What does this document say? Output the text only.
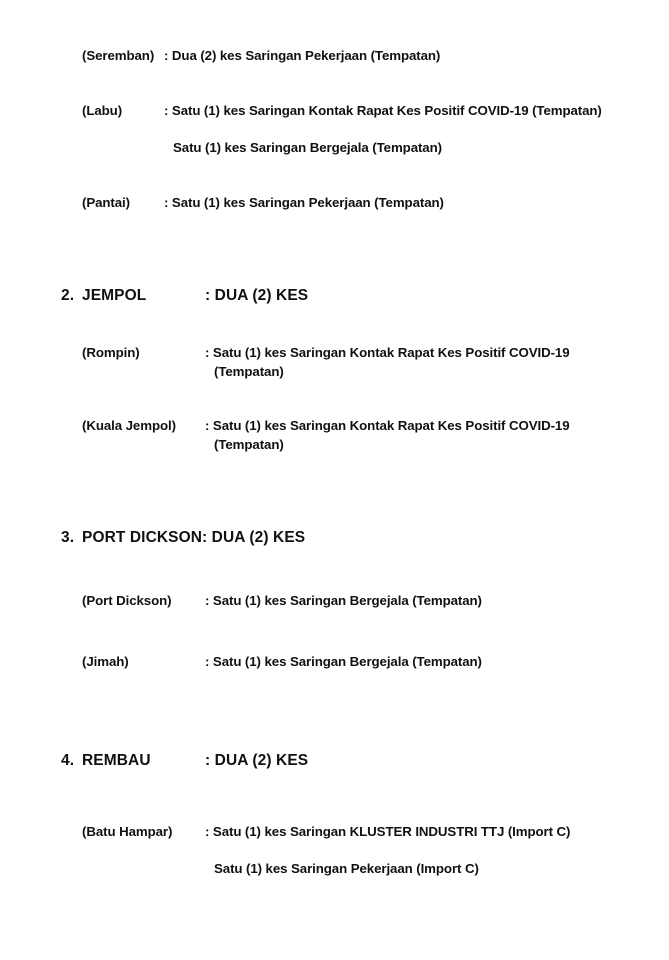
(Seremban) : Dua (2) kes Saringan Pekerjaan (Tempatan)
(Labu)	: Satu (1) kes Saringan Kontak Rapat Kes Positif COVID-19 (Tempatan)
Satu (1) kes Saringan Bergejala (Tempatan)
(Pantai)	: Satu (1) kes Saringan Pekerjaan (Tempatan)
2. JEMPOL	: DUA (2) KES
(Rompin)	: Satu (1) kes Saringan Kontak Rapat Kes Positif COVID-19
(Tempatan)
(Kuala Jempol) : Satu (1) kes Saringan Kontak Rapat Kes Positif COVID-19
(Tempatan)
3. PORT DICKSON : DUA (2) KES
(Port Dickson)	: Satu (1) kes Saringan Bergejala (Tempatan)
(Jimah)	: Satu (1) kes Saringan Bergejala (Tempatan)
4. REMBAU	: DUA (2) KES
(Batu Hampar) : Satu (1) kes Saringan KLUSTER INDUSTRI TTJ (Import C)
Satu (1) kes Saringan Pekerjaan (Import C)
